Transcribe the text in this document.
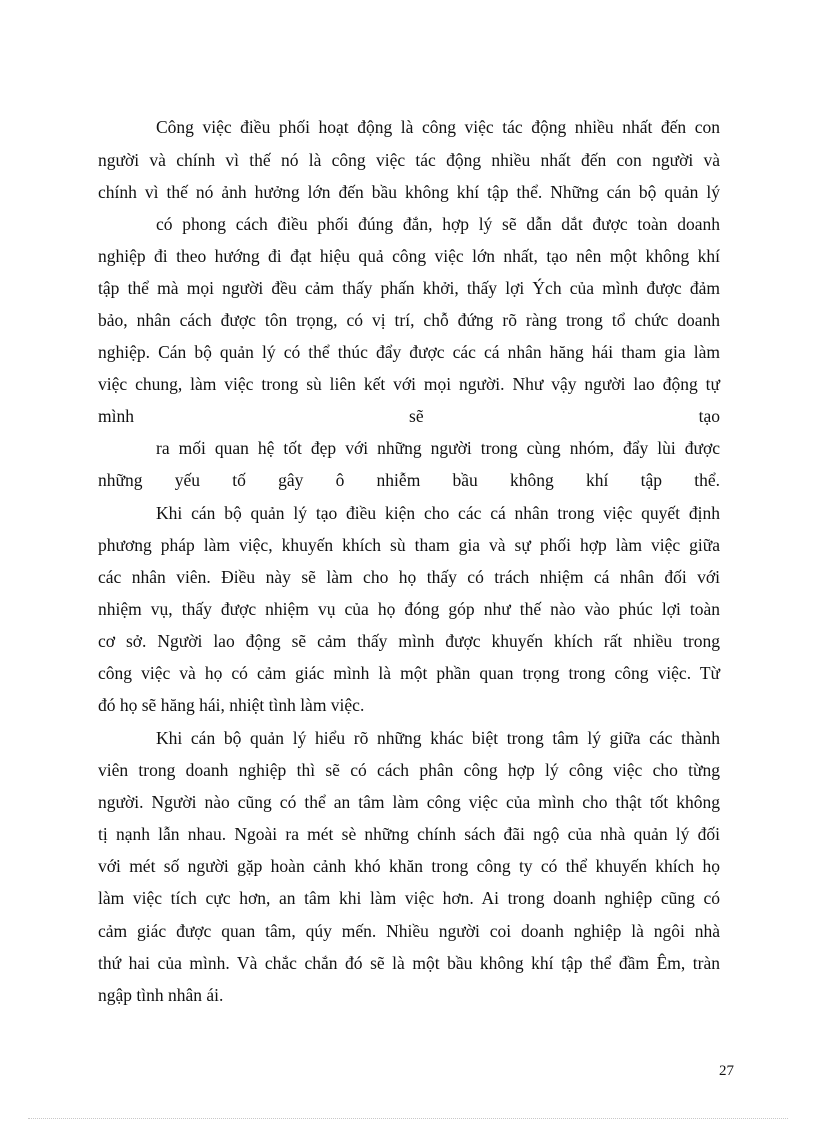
Công việc điều phối hoạt động là công việc tác động nhiều nhất đến con
người và chính vì thế nó là công việc tác động nhiều nhất đến con người và
chính vì thế nó ảnh hưởng lớn đến bầu không khí tập thể. Những cán bộ quản lý
có phong cách điều phối đúng đắn, hợp lý sẽ dẫn dắt được toàn doanh
nghiệp đi theo hướng đi đạt hiệu quả công việc lớn nhất, tạo nên một không khí
tập thể mà mọi người đều cảm thấy phấn khởi, thấy lợi Ých của mình được đảm
bảo, nhân cách được tôn trọng, có vị trí, chỗ đứng rõ ràng trong tổ chức doanh
nghiệp. Cán bộ quản lý có thể thúc đẩy được các cá nhân hăng hái tham gia làm
việc chung, làm việc trong sù liên kết với mọi người. Như vậy người lao động tự
mình sẽ tạo
ra mối quan hệ tốt đẹp với những người trong cùng nhóm, đẩy lùi được
những yếu tố gây ô nhiễm bầu không khí tập thể.
Khi cán bộ quản lý tạo điều kiện cho các cá nhân trong việc quyết định
phương pháp làm việc, khuyến khích sù tham gia và sự phối hợp làm việc giữa
các nhân viên. Điều này sẽ làm cho họ thấy có trách nhiệm cá nhân đối với
nhiệm vụ, thấy được nhiệm vụ của họ đóng góp như thế nào vào phúc lợi toàn
cơ sở. Người lao động sẽ cảm thấy mình được khuyến khích rất nhiều trong
công việc và họ có cảm giác mình là một phần quan trọng trong công việc. Từ
đó họ sẽ hăng hái, nhiệt tình làm việc.
Khi cán bộ quản lý hiểu rõ những khác biệt trong tâm lý giữa các thành
viên trong doanh nghiệp thì sẽ có cách phân công hợp lý công việc cho từng
người. Người nào cũng có thể an tâm làm công việc của mình cho thật tốt không
tị nạnh lẫn nhau. Ngoài ra mét sè những chính sách đãi ngộ của nhà quản lý đối
với mét số người gặp hoàn cảnh khó khăn trong công ty có thể khuyến khích họ
làm việc tích cực hơn, an tâm khi làm việc hơn. Ai trong doanh nghiệp cũng có
cảm giác được quan tâm, qúy mến. Nhiều người coi doanh nghiệp là ngôi nhà
thứ hai của mình. Và chắc chắn đó sẽ là một bầu không khí tập thể đầm Êm, tràn
ngập tình nhân ái.
27
